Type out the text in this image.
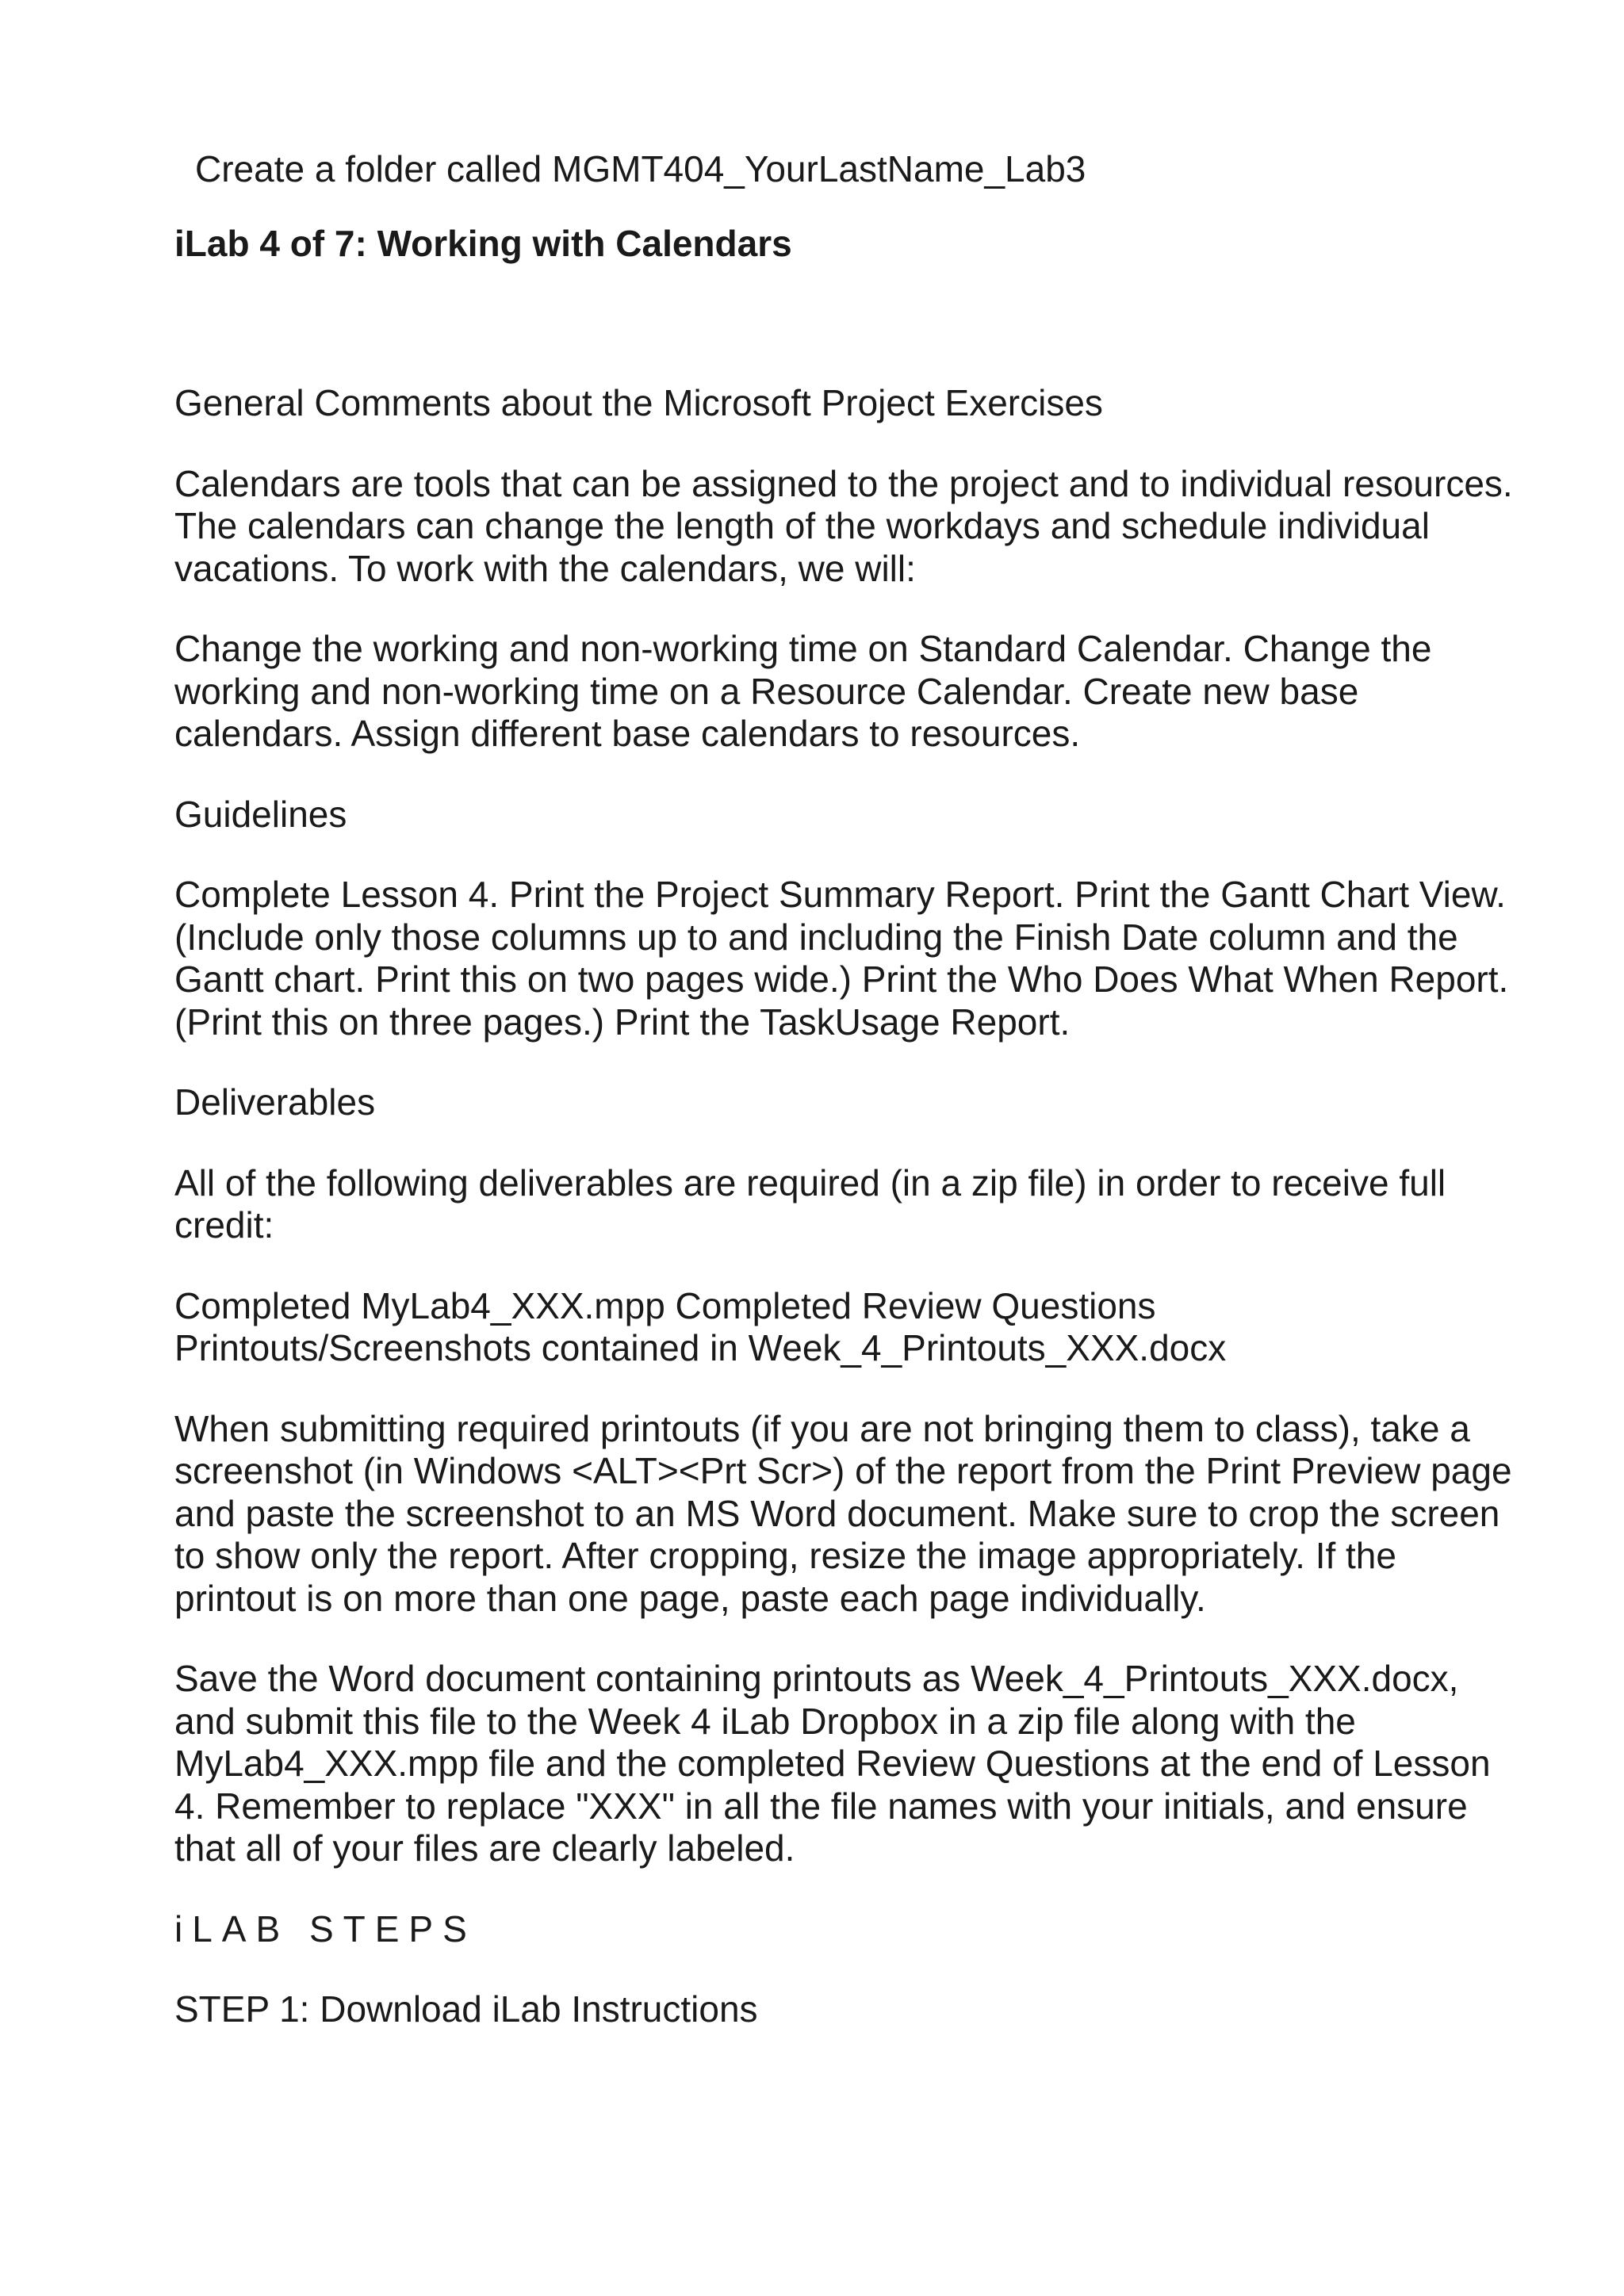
Create a folder called MGMT404_YourLastName_Lab3
iLab 4 of 7: Working with Calendars

General Comments about the Microsoft Project Exercises

Calendars are tools that can be assigned to the project and to individual resources. The calendars can change the length of the workdays and schedule individual vacations. To work with the calendars, we will:

Change the working and non-working time on Standard Calendar. Change the working and non-working time on a Resource Calendar. Create new base calendars. Assign different base calendars to resources.

Guidelines

Complete Lesson 4. Print the Project Summary Report. Print the Gantt Chart View. (Include only those columns up to and including the Finish Date column and the Gantt chart. Print this on two pages wide.) Print the Who Does What When Report. (Print this on three pages.) Print the TaskUsage Report.

Deliverables

All of the following deliverables are required (in a zip file) in order to receive full credit:

Completed MyLab4_XXX.mpp Completed Review Questions Printouts/Screenshots contained in Week_4_Printouts_XXX.docx

When submitting required printouts (if you are not bringing them to class), take a screenshot (in Windows <ALT><Prt Scr>) of the report from the Print Preview page and paste the screenshot to an MS Word document. Make sure to crop the screen to show only the report. After cropping, resize the image appropriately. If the printout is on more than one page, paste each page individually.

Save the Word document containing printouts as Week_4_Printouts_XXX.docx, and submit this file to the Week 4 iLab Dropbox in a zip file along with the MyLab4_XXX.mpp file and the completed Review Questions at the end of Lesson 4. Remember to replace "XXX" in all the file names with your initials, and ensure that all of your files are clearly labeled.

iLAB STEPS

STEP 1: Download iLab Instructions
